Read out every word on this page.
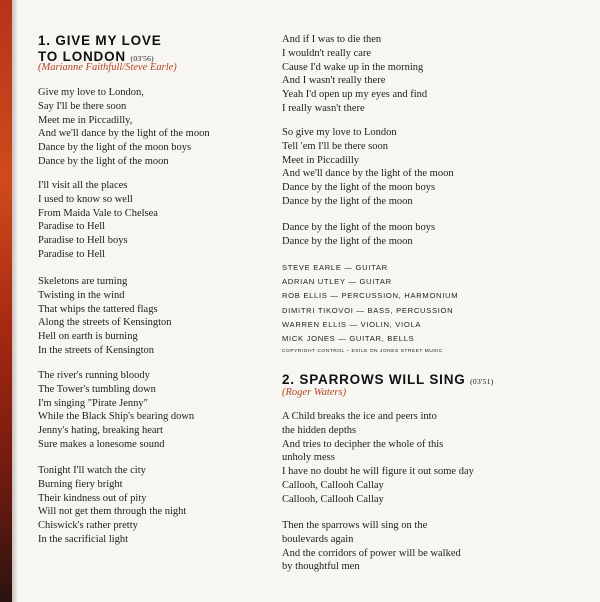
1. GIVE MY LOVE
TO LONDON (03'56)
(Marianne Faithfull/Steve Earle)
Give my love to London,
Say I'll be there soon
Meet me in Piccadilly,
And we'll dance by the light of the moon
Dance by the light of the moon boys
Dance by the light of the moon
I'll visit all the places
I used to know so well
From Maida Vale to Chelsea
Paradise to Hell
Paradise to Hell boys
Paradise to Hell
Skeletons are turning
Twisting in the wind
That whips the tattered flags
Along the streets of Kensington
Hell on earth is burning
In the streets of Kensington
The river's running bloody
The Tower's tumbling down
I'm singing "Pirate Jenny"
While the Black Ship's bearing down
Jenny's hating, breaking heart
Sure makes a lonesome sound
Tonight I'll watch the city
Burning fiery bright
Their kindness out of pity
Will not get them through the night
Chiswick's rather pretty
In the sacrificial light
And if I was to die then
I wouldn't really care
Cause I'd wake up in the morning
And I wasn't really there
Yeah I'd open up my eyes and find
I really wasn't there
So give my love to London
Tell 'em I'll be there soon
Meet in Piccadilly
And we'll dance by the light of the moon
Dance by the light of the moon boys
Dance by the light of the moon
Dance by the light of the moon boys
Dance by the light of the moon
STEVE EARLE — GUITAR
ADRIAN UTLEY — GUITAR
ROB ELLIS — PERCUSSION, HARMONIUM
DIMITRI TIKOVOI — BASS, PERCUSSION
WARREN ELLIS — VIOLIN, VIOLA
MICK JONES — GUITAR, BELLS
COPYRIGHT CONTROL – EXILE ON JONES STREET MUSIC
2. SPARROWS WILL SING (03'51)
(Roger Waters)
A Child breaks the ice and peers into
the hidden depths
And tries to decipher the whole of this
unholy mess
I have no doubt he will figure it out some day
Callooh, Callooh Callay
Callooh, Callooh Callay
Then the sparrows will sing on the
boulevards again
And the corridors of power will be walked
by thoughtful men
